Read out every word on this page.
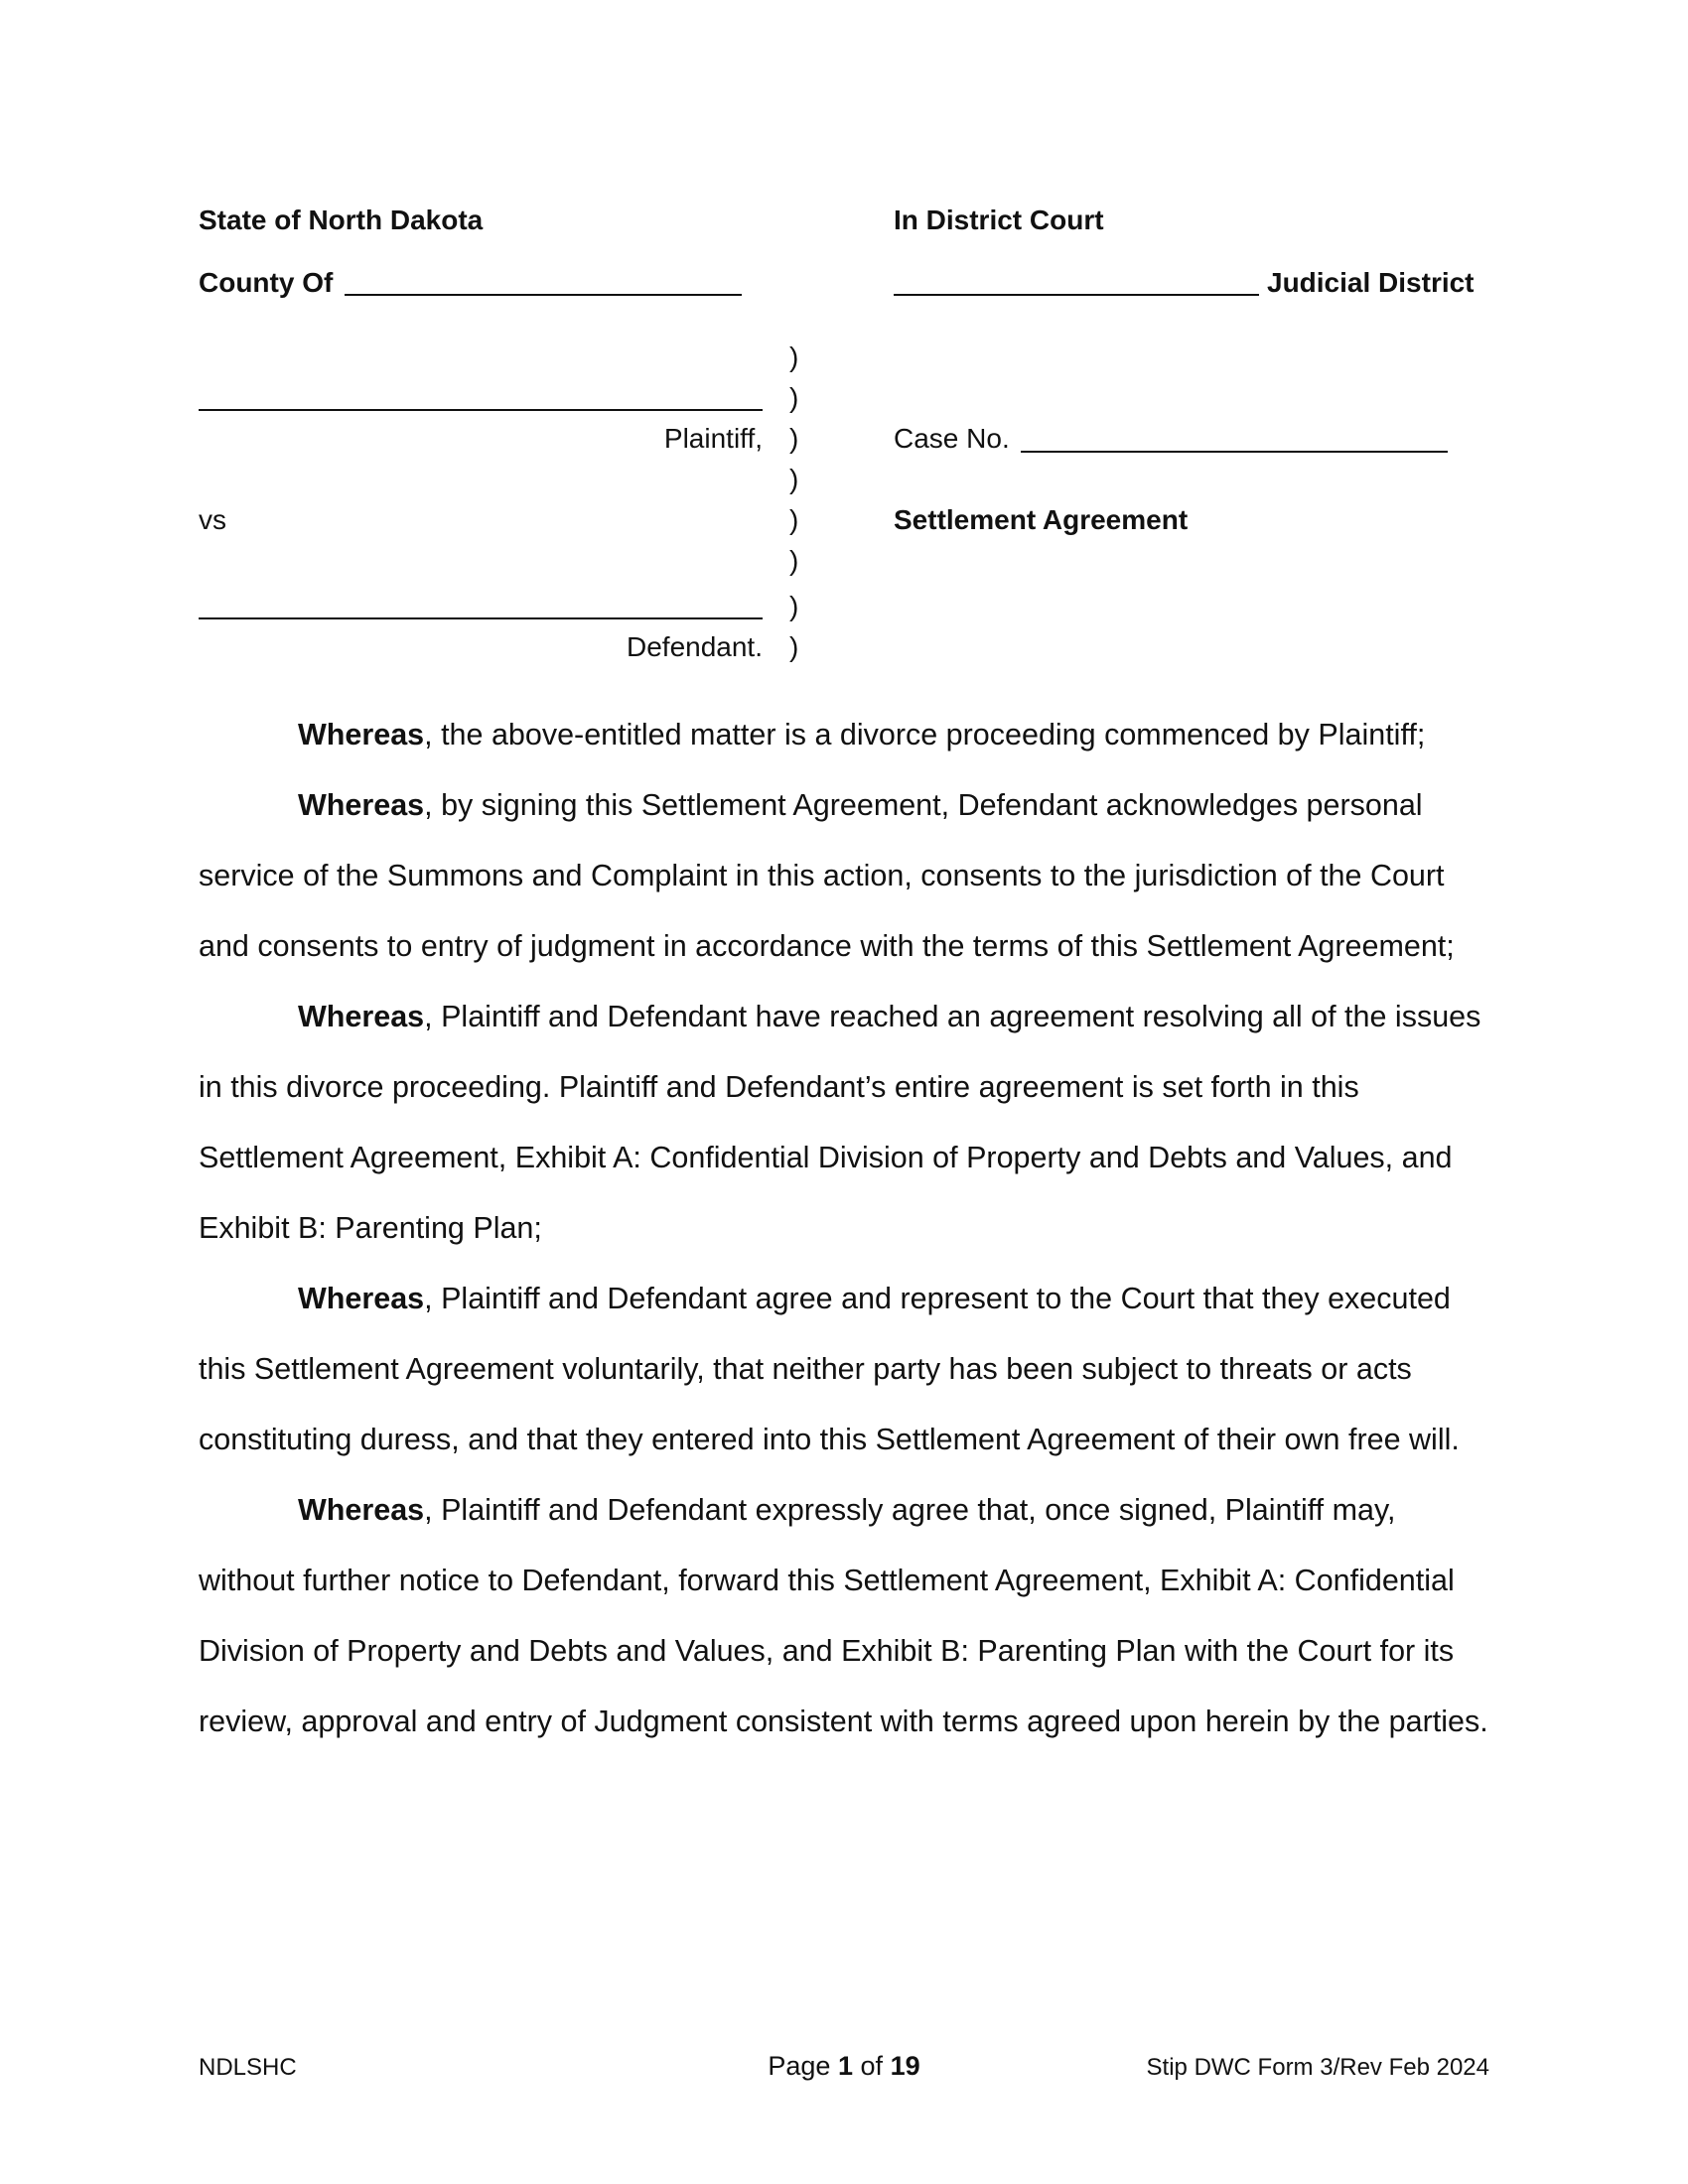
State of North Dakota	In District Court
County Of	Judicial District
Plaintiff,
vs
Defendant.
)
)
)
)
)
)
)
)
Case No.
Settlement Agreement

Whereas, the above-entitled matter is a divorce proceeding commenced by Plaintiff;

Whereas, by signing this Settlement Agreement, Defendant acknowledges personal service of the Summons and Complaint in this action, consents to the jurisdiction of the Court and consents to entry of judgment in accordance with the terms of this Settlement Agreement;

Whereas, Plaintiff and Defendant have reached an agreement resolving all of the issues in this divorce proceeding. Plaintiff and Defendant’s entire agreement is set forth in this Settlement Agreement, Exhibit A: Confidential Division of Property and Debts and Values, and Exhibit B: Parenting Plan;

Whereas, Plaintiff and Defendant agree and represent to the Court that they executed this Settlement Agreement voluntarily, that neither party has been subject to threats or acts constituting duress, and that they entered into this Settlement Agreement of their own free will.

Whereas, Plaintiff and Defendant expressly agree that, once signed, Plaintiff may, without further notice to Defendant, forward this Settlement Agreement, Exhibit A: Confidential Division of Property and Debts and Values, and Exhibit B: Parenting Plan with the Court for its review, approval and entry of Judgment consistent with terms agreed upon herein by the parties.

NDLSHC	Page 1 of 19	Stip DWC Form 3/Rev Feb 2024
